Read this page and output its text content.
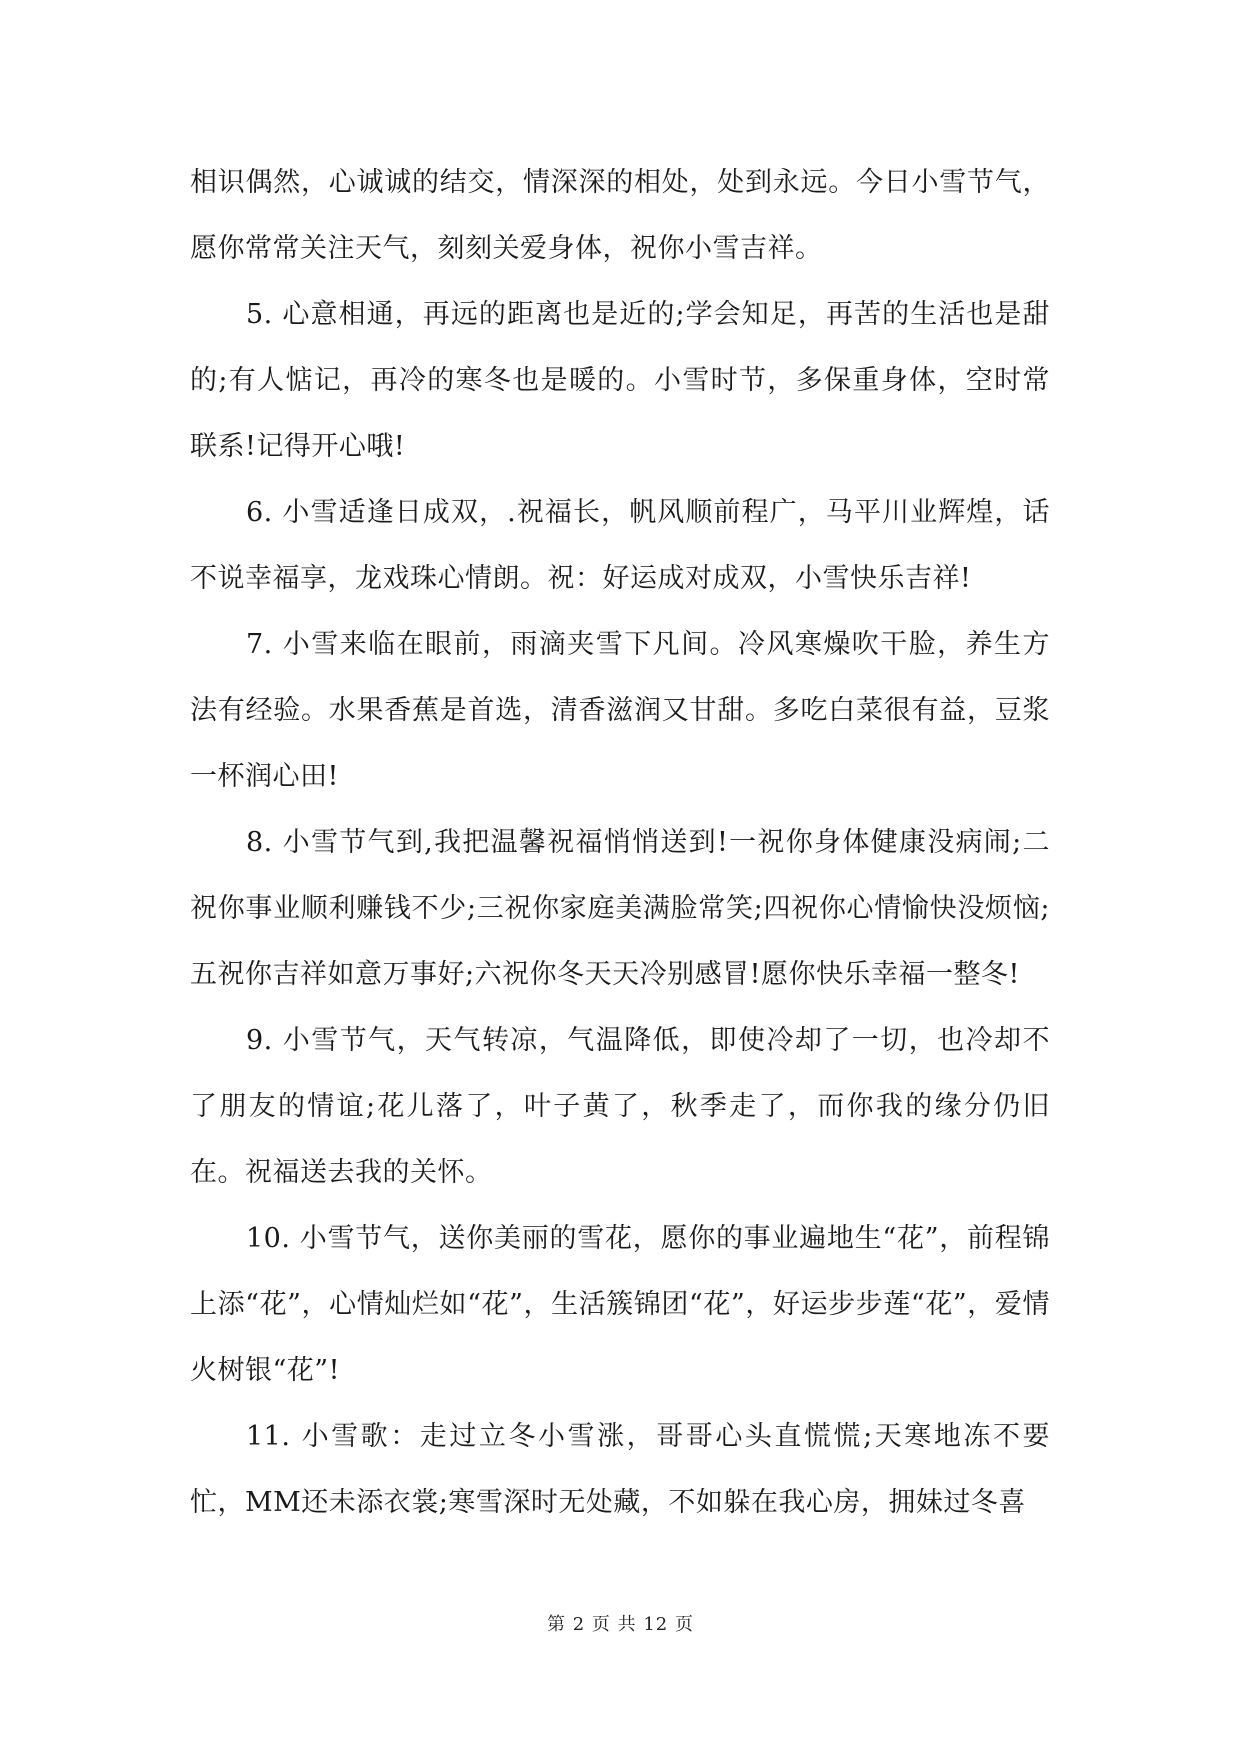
相识偶然，心诚诚的结交，情深深的相处，处到永远。今日小雪节气，愿你常常关注天气，刻刻关爱身体，祝你小雪吉祥。

5. 心意相通，再远的距离也是近的;学会知足，再苦的生活也是甜的;有人惦记，再冷的寒冬也是暖的。小雪时节，多保重身体，空时常联系!记得开心哦!

6. 小雪适逢日成双，.祝福长，帆风顺前程广，马平川业辉煌，话不说幸福享，龙戏珠心情朗。祝：好运成对成双，小雪快乐吉祥!

7. 小雪来临在眼前，雨滴夹雪下凡间。冷风寒燥吹干脸，养生方法有经验。水果香蕉是首选，清香滋润又甘甜。多吃白菜很有益，豆浆一杯润心田!

8. 小雪节气到,我把温馨祝福悄悄送到!一祝你身体健康没病闹;二祝你事业顺利赚钱不少;三祝你家庭美满脸常笑;四祝你心情愉快没烦恼;五祝你吉祥如意万事好;六祝你冬天天冷别感冒!愿你快乐幸福一整冬!

9. 小雪节气，天气转凉，气温降低，即使冷却了一切，也冷却不了朋友的情谊;花儿落了，叶子黄了，秋季走了，而你我的缘分仍旧在。祝福送去我的关怀。

10. 小雪节气，送你美丽的雪花，愿你的事业遍地生“花”，前程锦上添“花”，心情灿烂如“花”，生活簇锦团“花”，好运步步莲“花”，爱情火树银“花”!

11. 小雪歌：走过立冬小雪涨，哥哥心头直慌慌;天寒地冻不要忙，MM还未添衣裳;寒雪深时无处藏，不如躲在我心房，拥妹过冬喜

第 2 页 共 12 页
